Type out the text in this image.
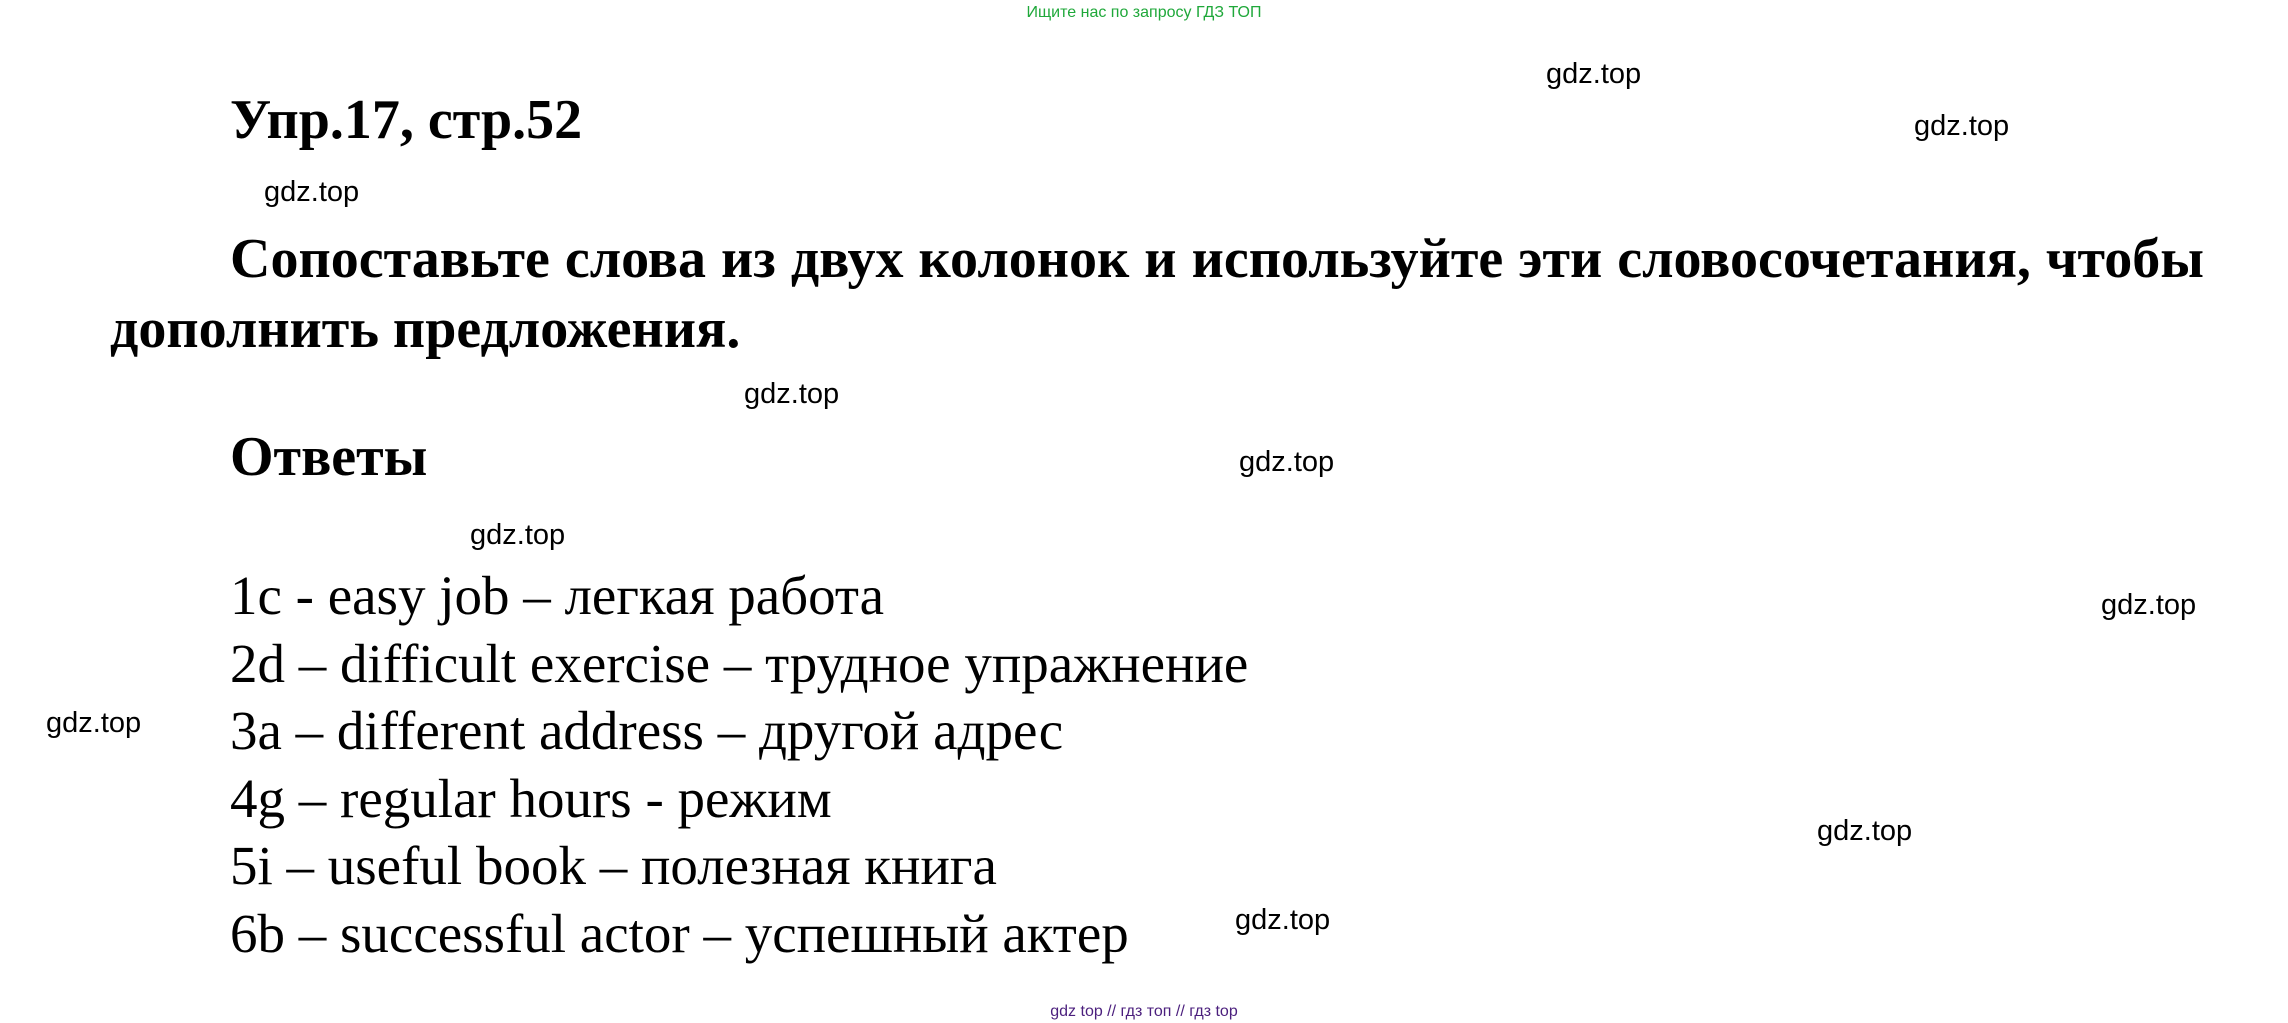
Ищите нас по запросу ГДЗ ТОП
gdz.top
gdz.top
gdz.top
gdz.top
gdz.top
gdz.top
gdz.top
gdz.top
gdz.top
gdz.top
Упр.17, стр.52
Сопоставьте слова из двух колонок и используйте эти словосочетания, чтобы дополнить предложения.
Ответы
1c - easy job – легкая работа
2d – difficult exercise – трудное упражнение
3a – different address – другой адрес
4g – regular hours - режим
5i – useful book – полезная книга
6b – successful actor – успешный актер
gdz top // гдз топ // гдз top
